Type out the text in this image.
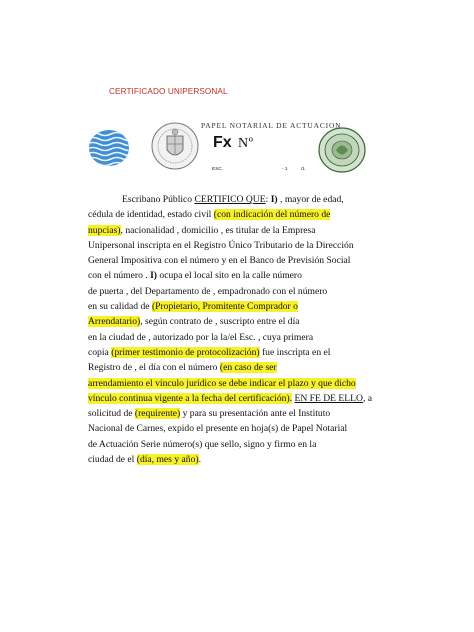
CERTIFICADO UNIPERSONAL
PAPEL NOTARIAL DE ACTUACION
Fx Nº
ESC.	- 1	/1
Escribano Público CERTIFICO QUE: I) , mayor de edad,
cédula de identidad, estado civil (con indicación del número de
nupcias), nacionalidad , domicilio , es titular de la Empresa
Unipersonal inscripta en el Registro Único Tributario de la Dirección
General Impositiva con el número y en el Banco de Previsión Social
con el número . I) ocupa el local sito en la calle número
de puerta , del Departamento de , empadronado con el número
en su calidad de (Propietario, Promitente Comprador o
Arrendatario), según contrato de , suscripto entre el día
en la ciudad de , autorizado por la la/el Esc. , cuya primera
copia (primer testimonio de protocolización) fue inscripta en el
Registro de , el día con el número (en caso de ser
arrendamiento el vínculo jurídico se debe indicar el plazo y que dicho
vínculo continua vigente a la fecha del certificación). EN FE DE ELLO, a
solicitud de (requirente) y para su presentación ante el Instituto
Nacional de Carnes, expido el presente en hoja(s) de Papel Notarial
de Actuación Serie número(s) que sello, signo y firmo en la
ciudad de el (día, mes y año).
